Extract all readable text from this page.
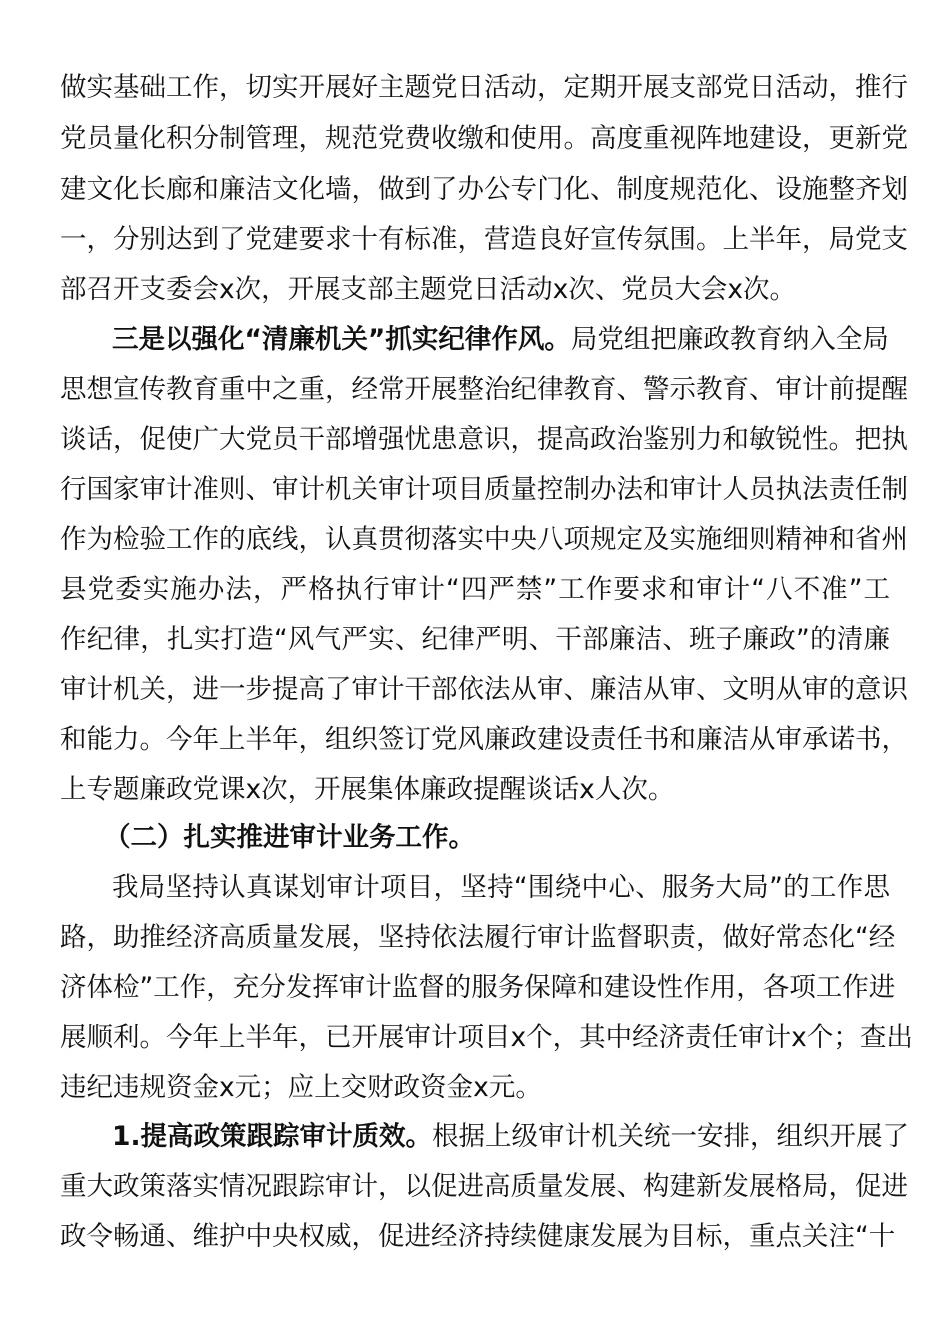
做实基础工作，切实开展好主题党日活动，定期开展支部党日活动，推行
党员量化积分制管理，规范党费收缴和使用。高度重视阵地建设，更新党
建文化长廊和廉洁文化墙，做到了办公专门化、制度规范化、设施整齐划
一，分别达到了党建要求十有标准，营造良好宣传氛围。上半年，局党支
部召开支委会x次，开展支部主题党日活动x次、党员大会x次。
三是以强化“清廉机关”抓实纪律作风。局党组把廉政教育纳入全局
思想宣传教育重中之重，经常开展整治纪律教育、警示教育、审计前提醒
谈话，促使广大党员干部增强忧患意识，提高政治鉴别力和敏锐性。把执
行国家审计准则、审计机关审计项目质量控制办法和审计人员执法责任制
作为检验工作的底线，认真贯彻落实中央八项规定及实施细则精神和省州
县党委实施办法，严格执行审计“四严禁”工作要求和审计“八不准”工
作纪律，扎实打造“风气严实、纪律严明、干部廉洁、班子廉政”的清廉
审计机关，进一步提高了审计干部依法从审、廉洁从审、文明从审的意识
和能力。今年上半年，组织签订党风廉政建设责任书和廉洁从审承诺书，
上专题廉政党课x次，开展集体廉政提醒谈话x人次。
（二）扎实推进审计业务工作。
我局坚持认真谋划审计项目，坚持“围绕中心、服务大局”的工作思
路，助推经济高质量发展，坚持依法履行审计监督职责，做好常态化“经
济体检”工作，充分发挥审计监督的服务保障和建设性作用，各项工作进
展顺利。今年上半年，已开展审计项目x个，其中经济责任审计x个；查出
违纪违规资金x元；应上交财政资金x元。
1.提高政策跟踪审计质效。根据上级审计机关统一安排，组织开展了
重大政策落实情况跟踪审计，以促进高质量发展、构建新发展格局，促进
政令畅通、维护中央权威，促进经济持续健康发展为目标，重点关注“十
